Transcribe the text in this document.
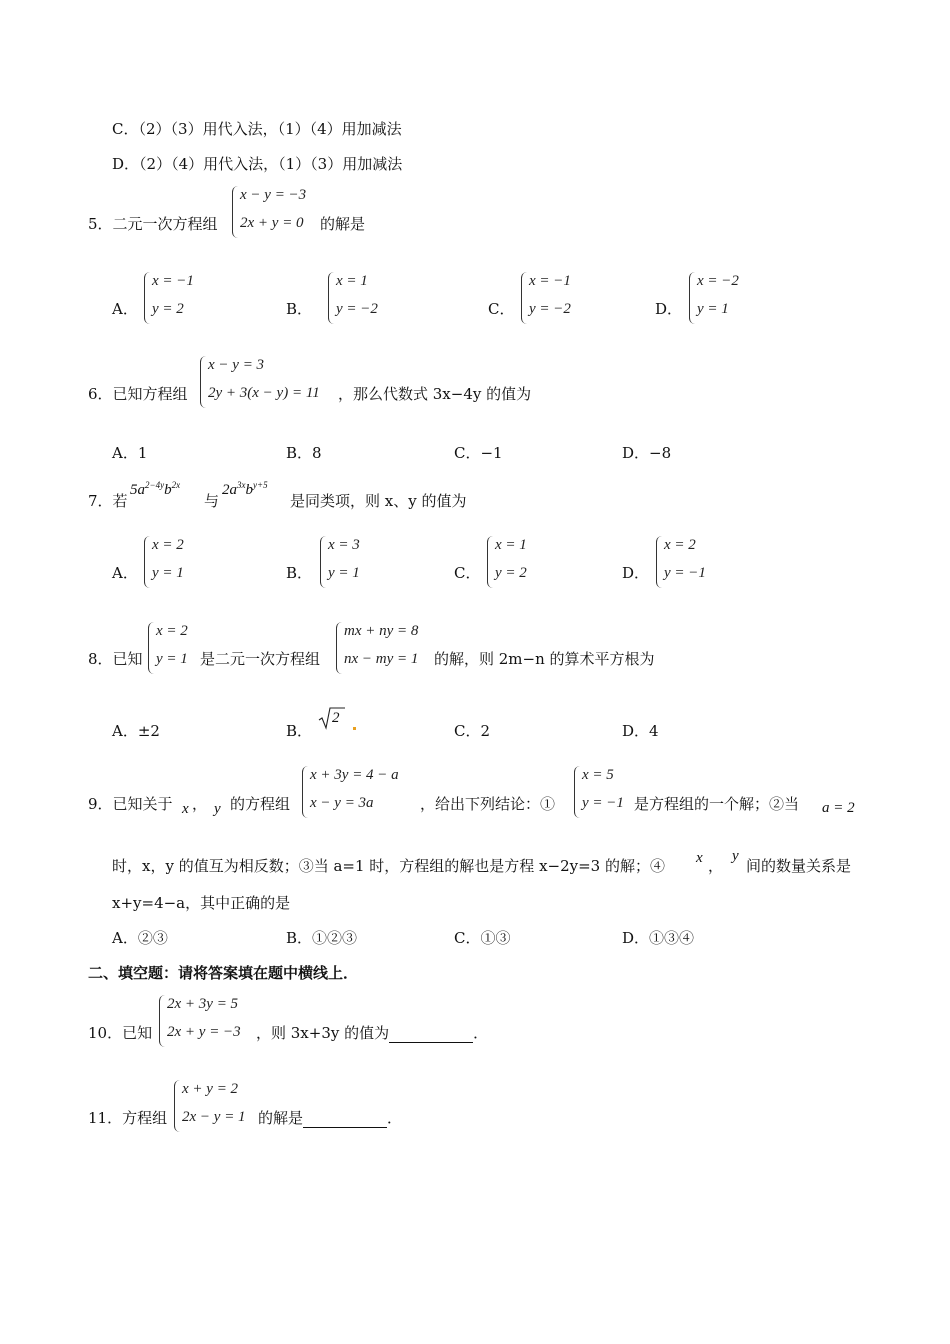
C．（2）（3）用代入法，（1）（4）用加减法
D．（2）（4）用代入法，（1）（3）用加减法
5．二元一次方程组
x − y = −3
2x + y = 0 的解是
A．
x = −1
y = 2	B．
x = 1
y = −2	C．
x = −1
y = −2	D．
x = −2
y = 1
6．已知方程组
x − y = 3
2y + 3(x − y) = 11 ，那么代数式 3x−4y 的值为
A．1	B．8	C．−1	D．−8
7．若
$5a^{2-4y}b^{2x}$
与
$2a^{3x}b^{y+5}$
是同类项，则 x、y 的值为
A．
x = 2
y = 1	B．
x = 3
y = 1	C．
x = 1
y = 2	D．
x = 2
y = −1
8．已知
x = 2
y = 1 是二元一次方程组
mx + ny = 8
nx − my = 1 的解，则 2m−n 的算术平方根为
A．±2	B．
2
C．2	D．4
9．已知关于 x ， y 的方程组
x + 3y = 4 − a
x − y = 3a	，给出下列结论：①
x = 5
y = −1 是方程组的一个解；②当 a = 2
时，x，y 的值互为相反数；③当 a=1 时，方程组的解也是方程 x−2y=3 的解；④ x ，
y
间的数量关系是
x+y=4−a，其中正确的是
A．②③	B．①②③	C．①③	D．①③④
二、填空题：请将答案填在题中横线上．
10．已知
2x + 3y = 5
2x + y = −3 ，则 3x+3y 的值为	．
11．方程组
x + y = 2
2x − y = 1 的解是	．
